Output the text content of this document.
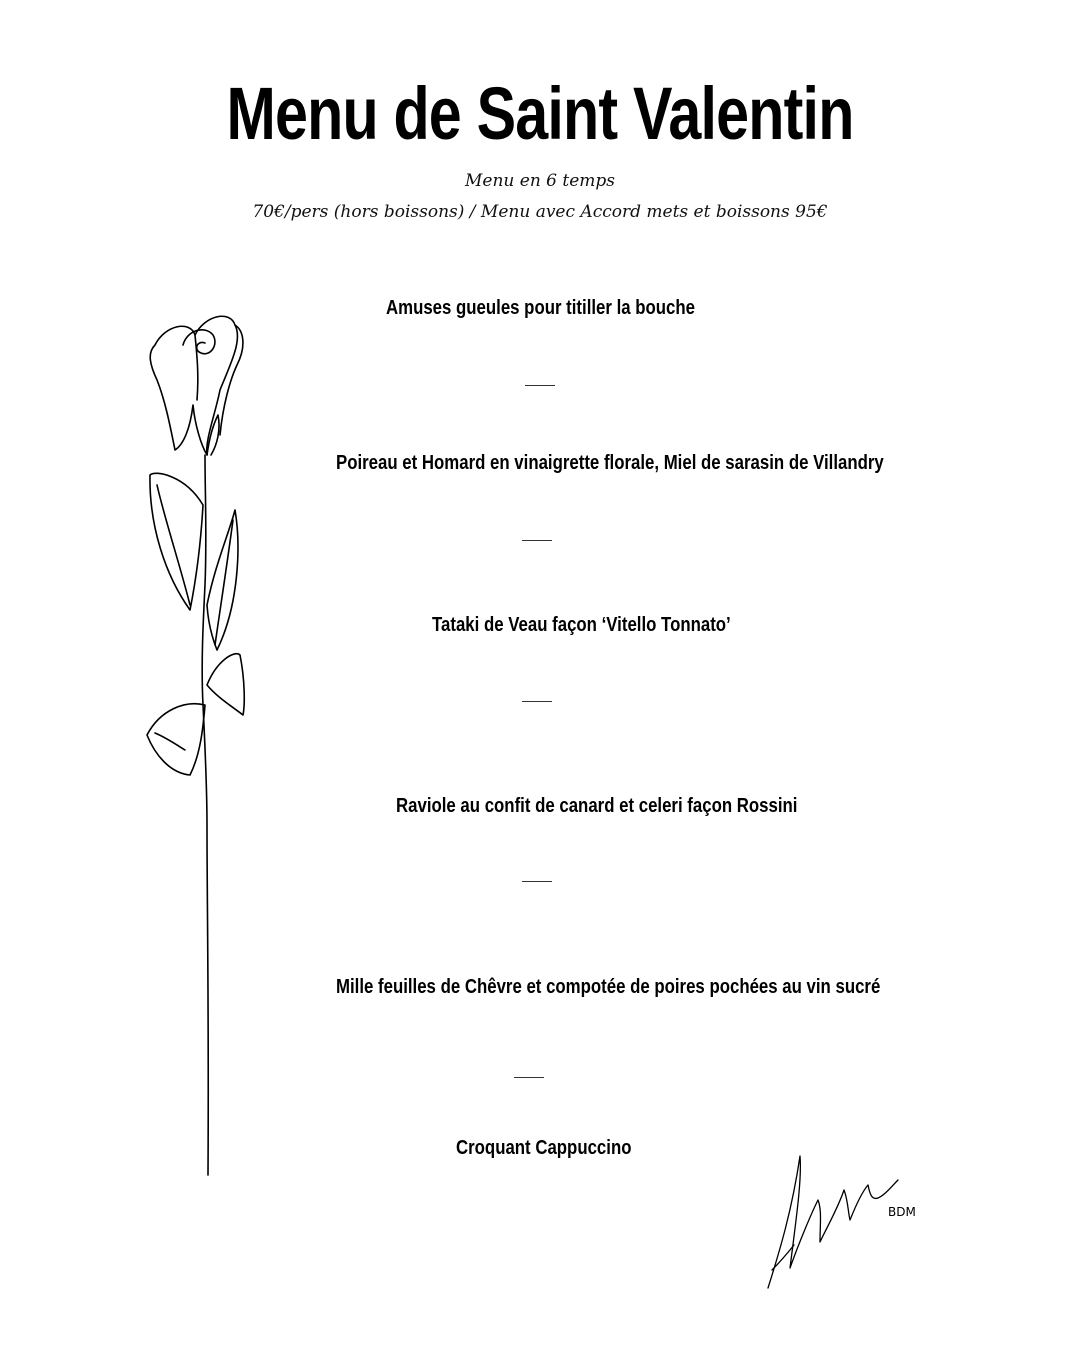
Menu de Saint Valentin
Menu en 6 temps
70€/pers (hors boissons) / Menu avec Accord mets et boissons 95€
Amuses gueules pour titiller la bouche
Poireau et Homard en vinaigrette florale, Miel de sarasin de Villandry
Tataki de Veau façon ‘Vitello Tonnato’
Raviole au confit de canard et celeri façon Rossini
Mille feuilles de Chêvre et compotée de poires pochées au vin sucré
Croquant Cappuccino
BDM
